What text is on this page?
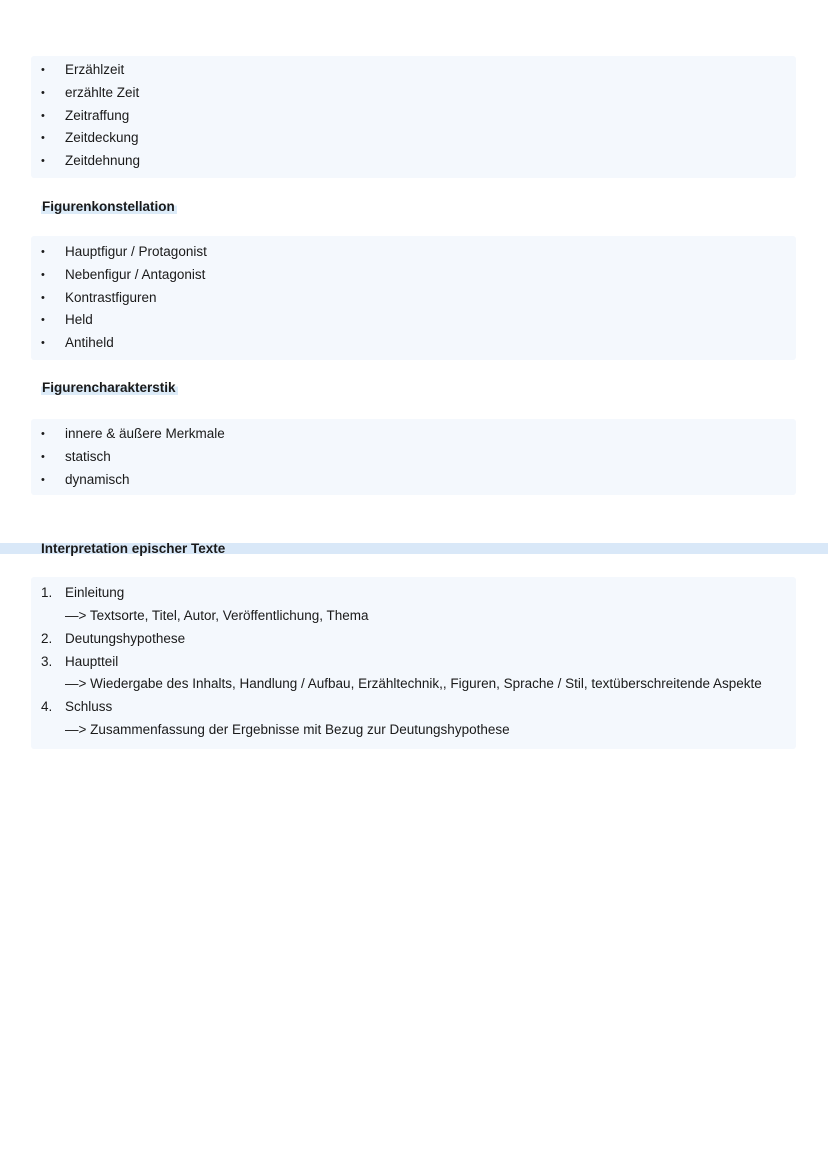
• Erzählzeit
• erzählte Zeit
• Zeitraffung
• Zeitdeckung
• Zeitdehnung
Figurenkonstellation
• Hauptfigur / Protagonist
• Nebenfigur / Antagonist
• Kontrastfiguren
• Held
• Antiheld
Figurencharakterstik
• innere & äußere Merkmale
• statisch
• dynamisch
Interpretation epischer Texte
1. Einleitung
—> Textsorte, Titel, Autor, Veröffentlichung, Thema
2. Deutungshypothese
3. Hauptteil
—> Wiedergabe des Inhalts, Handlung / Aufbau, Erzähltechnik,, Figuren, Sprache / Stil, textüberschreitende Aspekte
4. Schluss
—> Zusammenfassung der Ergebnisse mit Bezug zur Deutungshypothese
